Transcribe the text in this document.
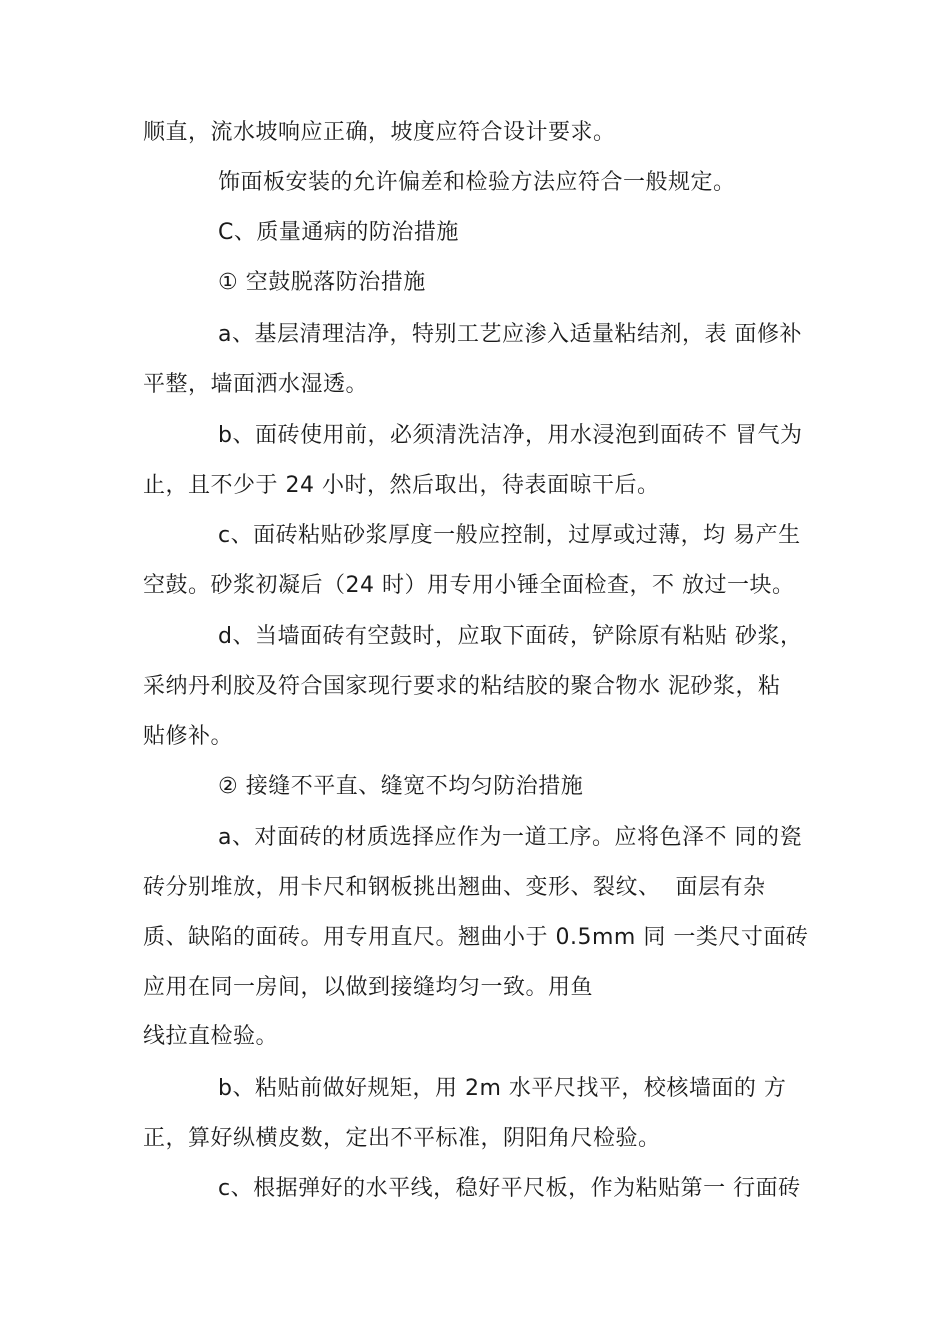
顺直，流水坡响应正确，坡度应符合设计要求。
饰面板安装的允许偏差和检验方法应符合一般规定。
C、质量通病的防治措施
① 空鼓脱落防治措施
a、基层清理洁净，特别工艺应渗入适量粘结剂，表 面修补
平整，墙面洒水湿透。
b、面砖使用前，必须清洗洁净，用水浸泡到面砖不 冒气为
止，且不少于 24 小时，然后取出，待表面晾干后。
c、面砖粘贴砂浆厚度一般应控制，过厚或过薄，均 易产生
空鼓。砂浆初凝后（24 时）用专用小锤全面检查，不 放过一块。
d、当墙面砖有空鼓时，应取下面砖，铲除原有粘贴 砂浆，
采纳丹利胶及符合国家现行要求的粘结胶的聚合物水 泥砂浆，粘
贴修补。
② 接缝不平直、缝宽不均匀防治措施
a、对面砖的材质选择应作为一道工序。应将色泽不 同的瓷
砖分别堆放，用卡尺和钢板挑出翘曲、变形、裂纹、  面层有杂
质、缺陷的面砖。用专用直尺。翘曲小于 0.5mm 同 一类尺寸面砖
应用在同一房间，以做到接缝均匀一致。用鱼
线拉直检验。
b、粘贴前做好规矩，用 2m 水平尺找平，校核墙面的 方
正，算好纵横皮数，定出不平标准，阴阳角尺检验。
c、根据弹好的水平线，稳好平尺板，作为粘贴第一 行面砖
